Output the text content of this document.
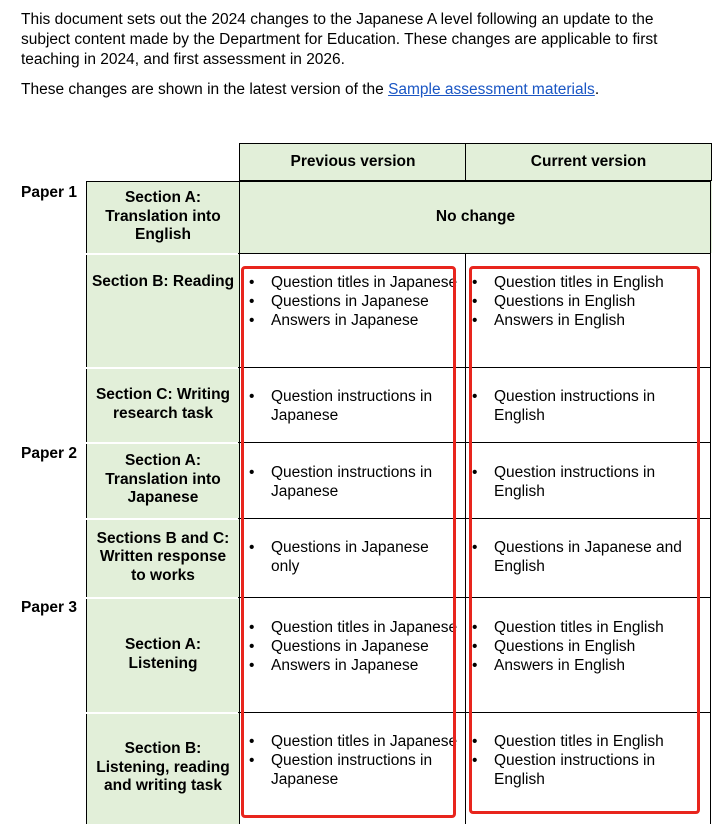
This document sets out the 2024 changes to the Japanese A level following an update to the subject content made by the Department for Education. These changes are applicable to first teaching in 2024, and first assessment in 2026.

These changes are shown in the latest version of the Sample assessment materials.

Previous version	Current version
Paper 1
Paper 2
Paper 3
Section A: Translation into English
Section B: Reading
Section C: Writing research task
Section A: Translation into Japanese
Sections B and C: Written response to works
Section A: Listening
Section B: Listening, reading and writing task
No change
• Question titles in Japanese
• Questions in Japanese
• Answers in Japanese
• Question instructions in Japanese
• Question instructions in Japanese
• Questions in Japanese only
• Question titles in Japanese
• Questions in Japanese
• Answers in Japanese
• Question titles in Japanese
• Question instructions in Japanese
• Question titles in English
• Questions in English
• Answers in English
• Question instructions in English
• Question instructions in English
• Questions in Japanese and English
• Question titles in English
• Questions in English
• Answers in English
• Question titles in English
• Question instructions in English
